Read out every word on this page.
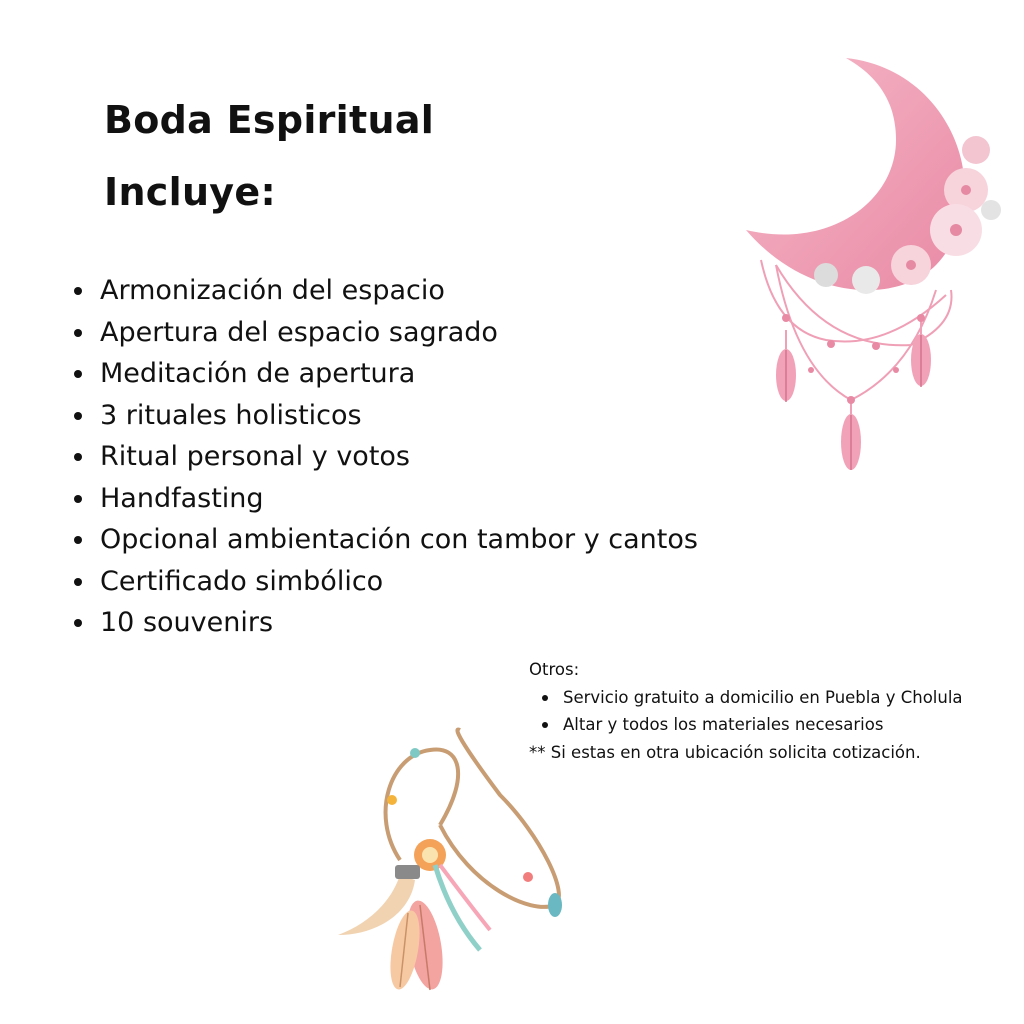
Boda Espiritual
Incluye:
Armonización del espacio
Apertura del espacio sagrado
Meditación de apertura
3 rituales holisticos
Ritual personal y votos
Handfasting
Opcional ambientación con tambor y cantos
Certificado simbólico
10 souvenirs
Otros:
Servicio gratuito a domicilio en Puebla y Cholula
Altar y todos los materiales necesarios
** Si estas en otra ubicación solicita cotización.
